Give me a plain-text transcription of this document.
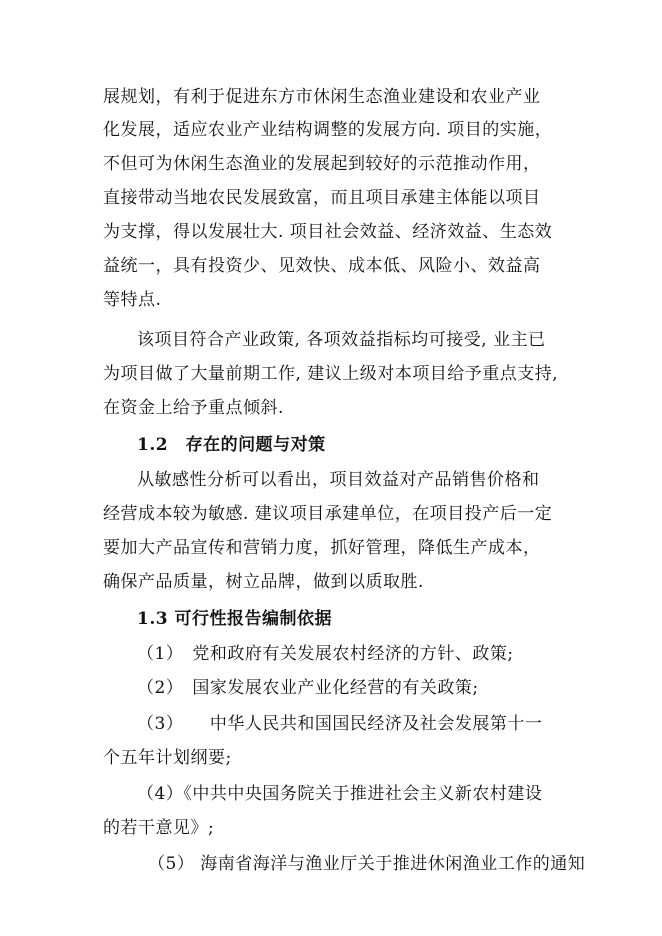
展规划，有利于促进东方市休闲生态渔业建设和农业产业
化发展，适应农业产业结构调整的发展方向. 项目的实施，
不但可为休闲生态渔业的发展起到较好的示范推动作用，
直接带动当地农民发展致富，而且项目承建主体能以项目
为支撑，得以发展壮大. 项目社会效益、经济效益、生态效
益统一，具有投资少、见效快、成本低、风险小、效益高
等特点.
该项目符合产业政策, 各项效益指标均可接受, 业主已
为项目做了大量前期工作, 建议上级对本项目给予重点支持,
在资金上给予重点倾斜.
1.2　存在的问题与对策
从敏感性分析可以看出，项目效益对产品销售价格和
经营成本较为敏感. 建议项目承建单位，在项目投产后一定
要加大产品宣传和营销力度，抓好管理，降低生产成本，
确保产品质量，树立品牌，做到以质取胜.
1.3 可行性报告编制依据
（1）　党和政府有关发展农村经济的方针、政策;
（2）　国家发展农业产业化经营的有关政策;
（3）　　中华人民共和国国民经济及社会发展第十一
个五年计划纲要;
（4）《中共中央国务院关于推进社会主义新农村建设
的若干意见》;
（5） 海南省海洋与渔业厅关于推进休闲渔业工作的通知
